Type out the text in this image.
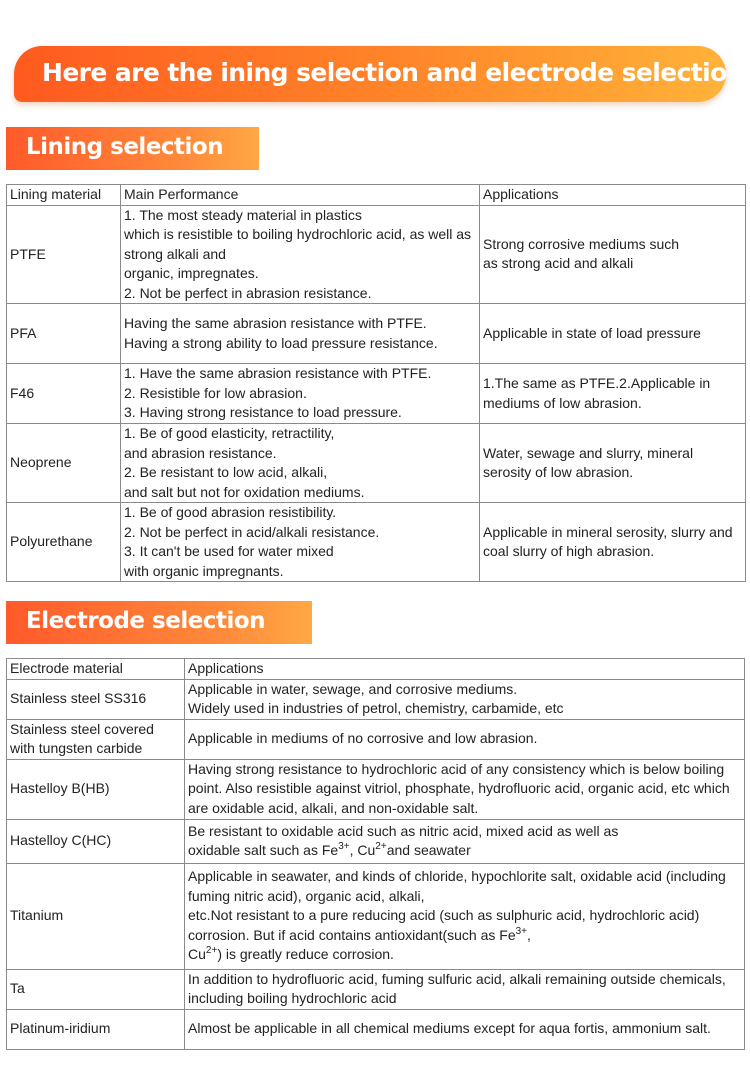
Here are the ining selection and electrode selection
Lining selection
Lining material	Main Performance	Applications
PTFE	1. The most steady material in plastics
which is resistible to boiling hydrochloric acid, as well as strong alkali and
organic, impregnates.
2. Not be perfect in abrasion resistance.	Strong corrosive mediums such
as strong acid and alkali
PFA	Having the same abrasion resistance with PTFE.
Having a strong ability to load pressure resistance.	Applicable in state of load pressure
F46	1. Have the same abrasion resistance with PTFE.
2. Resistible for low abrasion.
3. Having strong resistance to load pressure.	1.The same as PTFE.2.Applicable in mediums of low abrasion.
Neoprene	1. Be of good elasticity, retractility,
and abrasion resistance.
2. Be resistant to low acid, alkali,
and salt but not for oxidation mediums.	Water, sewage and slurry, mineral serosity of low abrasion.
Polyurethane	1. Be of good abrasion resistibility.
2. Not be perfect in acid/alkali resistance.
3. It can't be used for water mixed
with organic impregnants.	Applicable in mineral serosity, slurry and coal slurry of high abrasion.
Electrode selection
Electrode material	Applications
Stainless steel SS316	Applicable in water, sewage, and corrosive mediums.
Widely used in industries of petrol, chemistry, carbamide, etc
Stainless steel covered with tungsten carbide	Applicable in mediums of no corrosive and low abrasion.
Hastelloy B(HB)	Having strong resistance to hydrochloric acid of any consistency which is below boiling point. Also resistible against vitriol, phosphate, hydrofluoric acid, organic acid, etc which are oxidable acid, alkali, and non-oxidable salt.
Hastelloy C(HC)	Be resistant to oxidable acid such as nitric acid, mixed acid as well as
oxidable salt such as $Fe^{3+}$, $Cu^{2+}and$ seawater
Titanium	Applicable in seawater, and kinds of chloride, hypochlorite salt, oxidable acid (including fuming nitric acid), organic acid, alkali,
etc.Not resistant to a pure reducing acid (such as sulphuric acid, hydrochloric acid) corrosion. But if acid contains antioxidant(such as $Fe^{3+}$,
$Cu^{2+}$) is greatly reduce corrosion.
Ta	In addition to hydrofluoric acid, fuming sulfuric acid, alkali remaining outside chemicals, including boiling hydrochloric acid
Platinum-iridium	Almost be applicable in all chemical mediums except for aqua fortis, ammonium salt.
